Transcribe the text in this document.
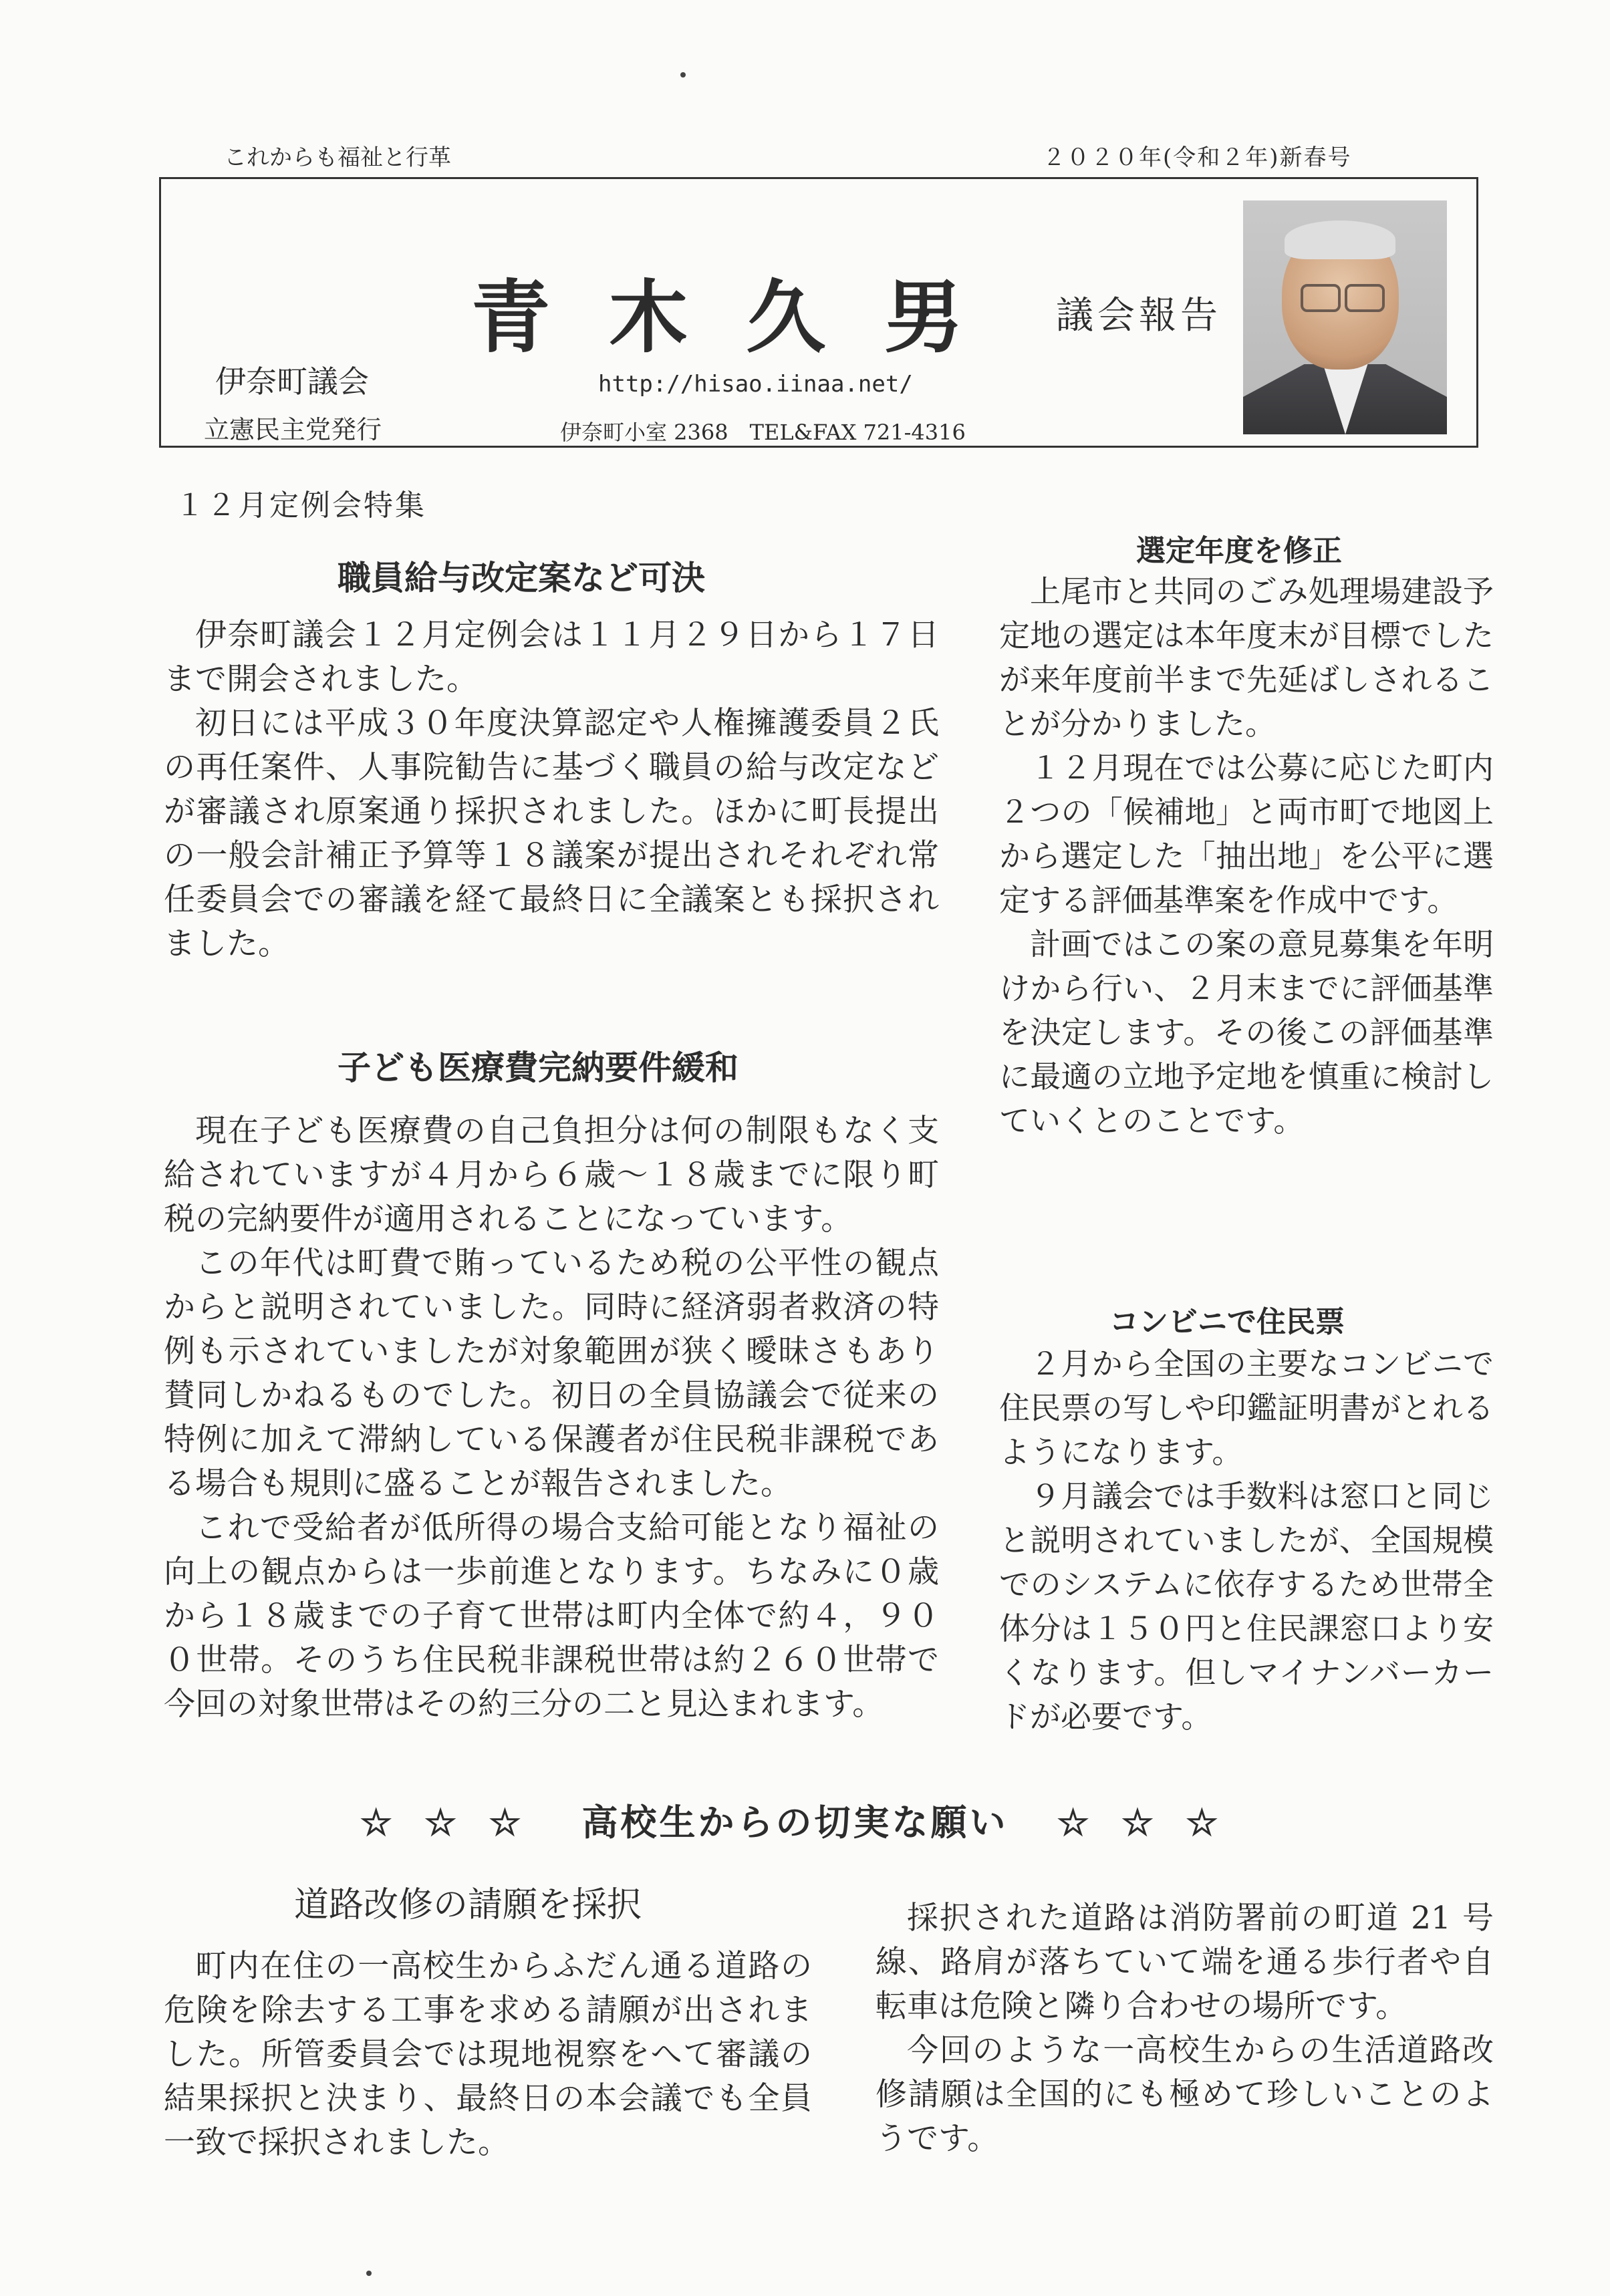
これからも福祉と行革	２０２０年(令和２年)新春号
青木久男 議会報告
伊奈町議会
立憲民主党発行
http://hisao.iinaa.net/
伊奈町小室 2368　TEL&FAX 721-4316
１２月定例会特集
職員給与改定案など可決

伊奈町議会１２月定例会は１１月２９日から１７日まで開会されました。

初日には平成３０年度決算認定や人権擁護委員２氏の再任案件、人事院勧告に基づく職員の給与改定などが審議され原案通り採択されました。ほかに町長提出の一般会計補正予算等１８議案が提出されそれぞれ常任委員会での審議を経て最終日に全議案とも採択されました。

子ども医療費完納要件緩和

現在子ども医療費の自己負担分は何の制限もなく支給されていますが４月から６歳～１８歳までに限り町税の完納要件が適用されることになっています。

この年代は町費で賄っているため税の公平性の観点からと説明されていました。同時に経済弱者救済の特例も示されていましたが対象範囲が狭く曖昧さもあり賛同しかねるものでした。初日の全員協議会で従来の特例に加えて滞納している保護者が住民税非課税である場合も規則に盛ることが報告されました。

これで受給者が低所得の場合支給可能となり福祉の向上の観点からは一歩前進となります。ちなみに０歳から１８歳までの子育て世帯は町内全体で約４，９００世帯。そのうち住民税非課税世帯は約２６０世帯で今回の対象世帯はその約三分の二と見込まれます。

選定年度を修正

上尾市と共同のごみ処理場建設予定地の選定は本年度末が目標でしたが来年度前半まで先延ばしされることが分かりました。

１２月現在では公募に応じた町内２つの「候補地」と両市町で地図上から選定した「抽出地」を公平に選定する評価基準案を作成中です。

計画ではこの案の意見募集を年明けから行い、２月末までに評価基準を決定します。その後この評価基準に最適の立地予定地を慎重に検討していくとのことです。

コンビニで住民票

２月から全国の主要なコンビニで住民票の写しや印鑑証明書がとれるようになります。

９月議会では手数料は窓口と同じと説明されていましたが、全国規模でのシステムに依存するため世帯全体分は１５０円と住民課窓口より安くなります。但しマイナンバーカードが必要です。

☆☆☆ 高校生からの切実な願い ☆☆☆
道路改修の請願を採択

町内在住の一高校生からふだん通る道路の危険を除去する工事を求める請願が出されました。所管委員会では現地視察をへて審議の結果採択と決まり、最終日の本会議でも全員一致で採択されました。

採択された道路は消防署前の町道 21 号線、路肩が落ちていて端を通る歩行者や自転車は危険と隣り合わせの場所です。

今回のような一高校生からの生活道路改修請願は全国的にも極めて珍しいことのようです。
